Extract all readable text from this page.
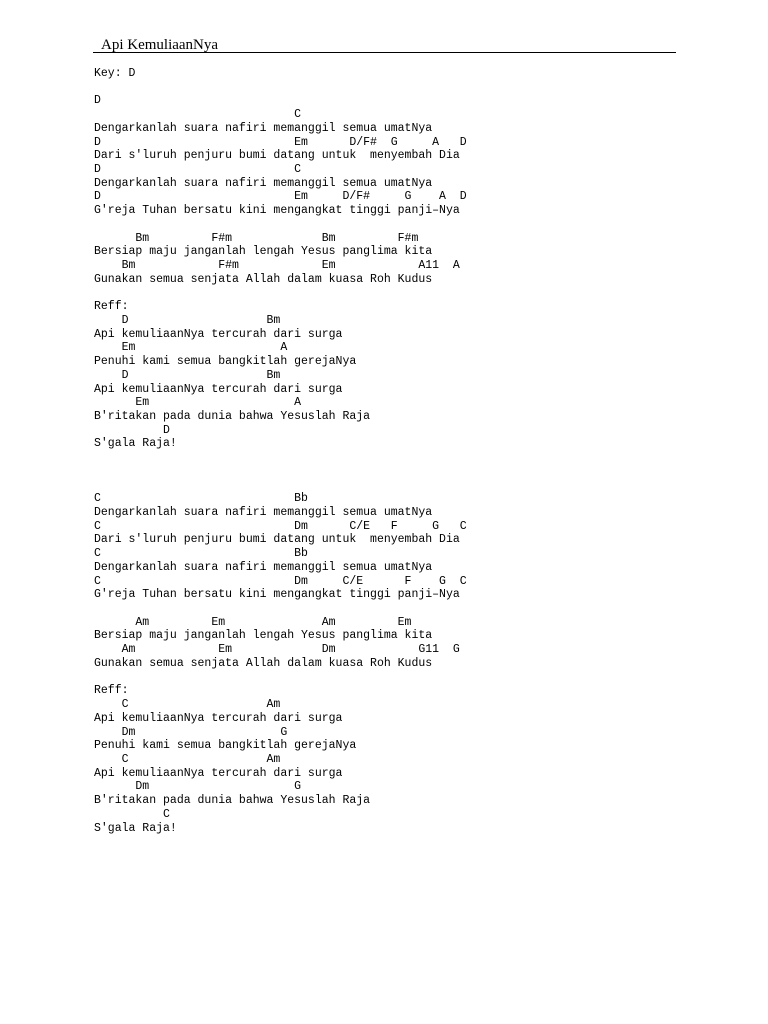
Api KemuliaanNya
Key: D
D
C
Dengarkanlah suara nafiri memanggil semua umatNya
D                            Em      D/F#  G     A   D
Dari s'luruh penjuru bumi datang untuk  menyembah Dia
D                            C
Dengarkanlah suara nafiri memanggil semua umatNya
D                            Em     D/F#     G    A  D
G'reja Tuhan bersatu kini mengangkat tinggi panji–Nya
Bm         F#m             Bm         F#m
Bersiap maju janganlah lengah Yesus panglima kita
Bm            F#m            Em            A11  A
Gunakan semua senjata Allah dalam kuasa Roh Kudus
Reff:
D                    Bm
Api kemuliaanNya tercurah dari surga
Em                     A
Penuhi kami semua bangkitlah gerejaNya
D                    Bm
Api kemuliaanNya tercurah dari surga
Em                     A
B'ritakan pada dunia bahwa Yesuslah Raja
D
S'gala Raja!
C                            Bb
Dengarkanlah suara nafiri memanggil semua umatNya
C                            Dm      C/E   F     G   C
Dari s'luruh penjuru bumi datang untuk  menyembah Dia
C                            Bb
Dengarkanlah suara nafiri memanggil semua umatNya
C                            Dm     C/E      F    G  C
G'reja Tuhan bersatu kini mengangkat tinggi panji–Nya
Am         Em              Am         Em
Bersiap maju janganlah lengah Yesus panglima kita
Am            Em             Dm            G11  G
Gunakan semua senjata Allah dalam kuasa Roh Kudus
Reff:
C                    Am
Api kemuliaanNya tercurah dari surga
Dm                     G
Penuhi kami semua bangkitlah gerejaNya
C                    Am
Api kemuliaanNya tercurah dari surga
Dm                     G
B'ritakan pada dunia bahwa Yesuslah Raja
C
S'gala Raja!
